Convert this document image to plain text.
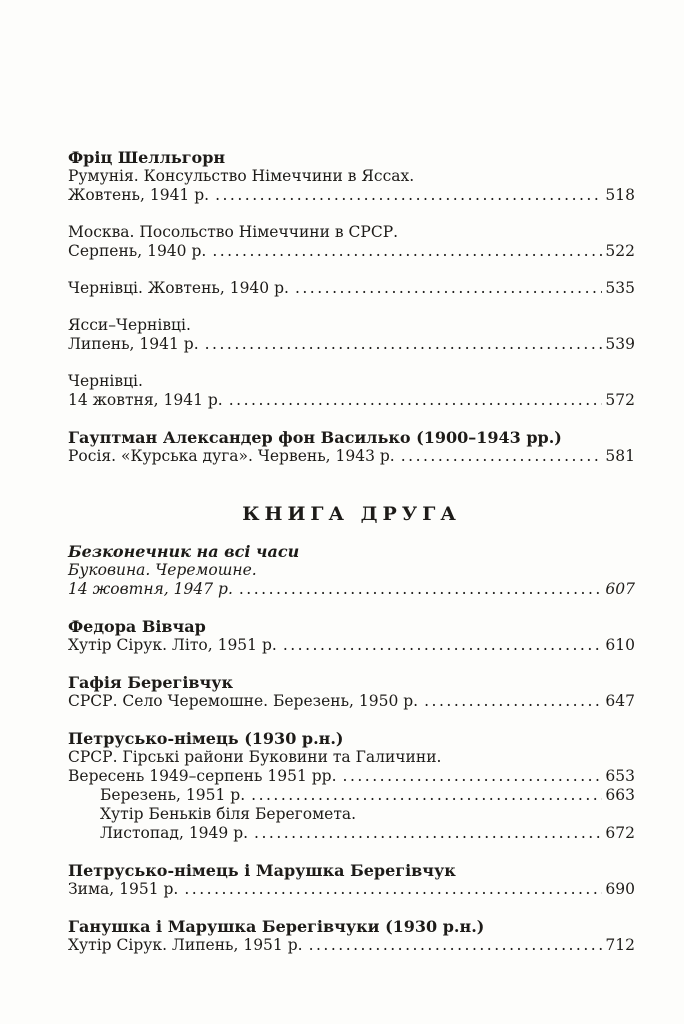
Фріц Шелльгорн
Румунія. Консульство Німеччини в Яссах.
Жовтень, 1941 р. .....	518
Москва. Посольство Німеччини в СРСР.
Серпень, 1940 р. .....	522
Чернівці. Жовтень, 1940 р. .....	535
Ясси–Чернівці.
Липень, 1941 р. .....	539
Чернівці.
14 жовтня, 1941 р. .....	572
Гауптман Александер фон Василько (1900–1943 рр.)
Росія. «Курська дуга». Червень, 1943 р. .....	581
КНИГА ДРУГА
Безконечник на всі часи
Буковина. Черемошне.
14 жовтня, 1947 р. .....	607
Федора Вівчар
Хутір Сірук. Літо, 1951 р. .....	610
Гафія Берегівчук
СРСР. Село Черемошне. Березень, 1950 р. .....	647
Петрусько-німець (1930 р.н.)
СРСР. Гірські райони Буковини та Галичини.
Вересень 1949–серпень 1951 рр. .....	653
Березень, 1951 р. .....	663
Хутір Беньків біля Берегомета.
Листопад, 1949 р. .....	672
Петрусько-німець і Марушка Берегівчук
Зима, 1951 р. .....	690
Ганушка і Марушка Берегівчуки (1930 р.н.)
Хутір Сірук. Липень, 1951 р. .....	712
